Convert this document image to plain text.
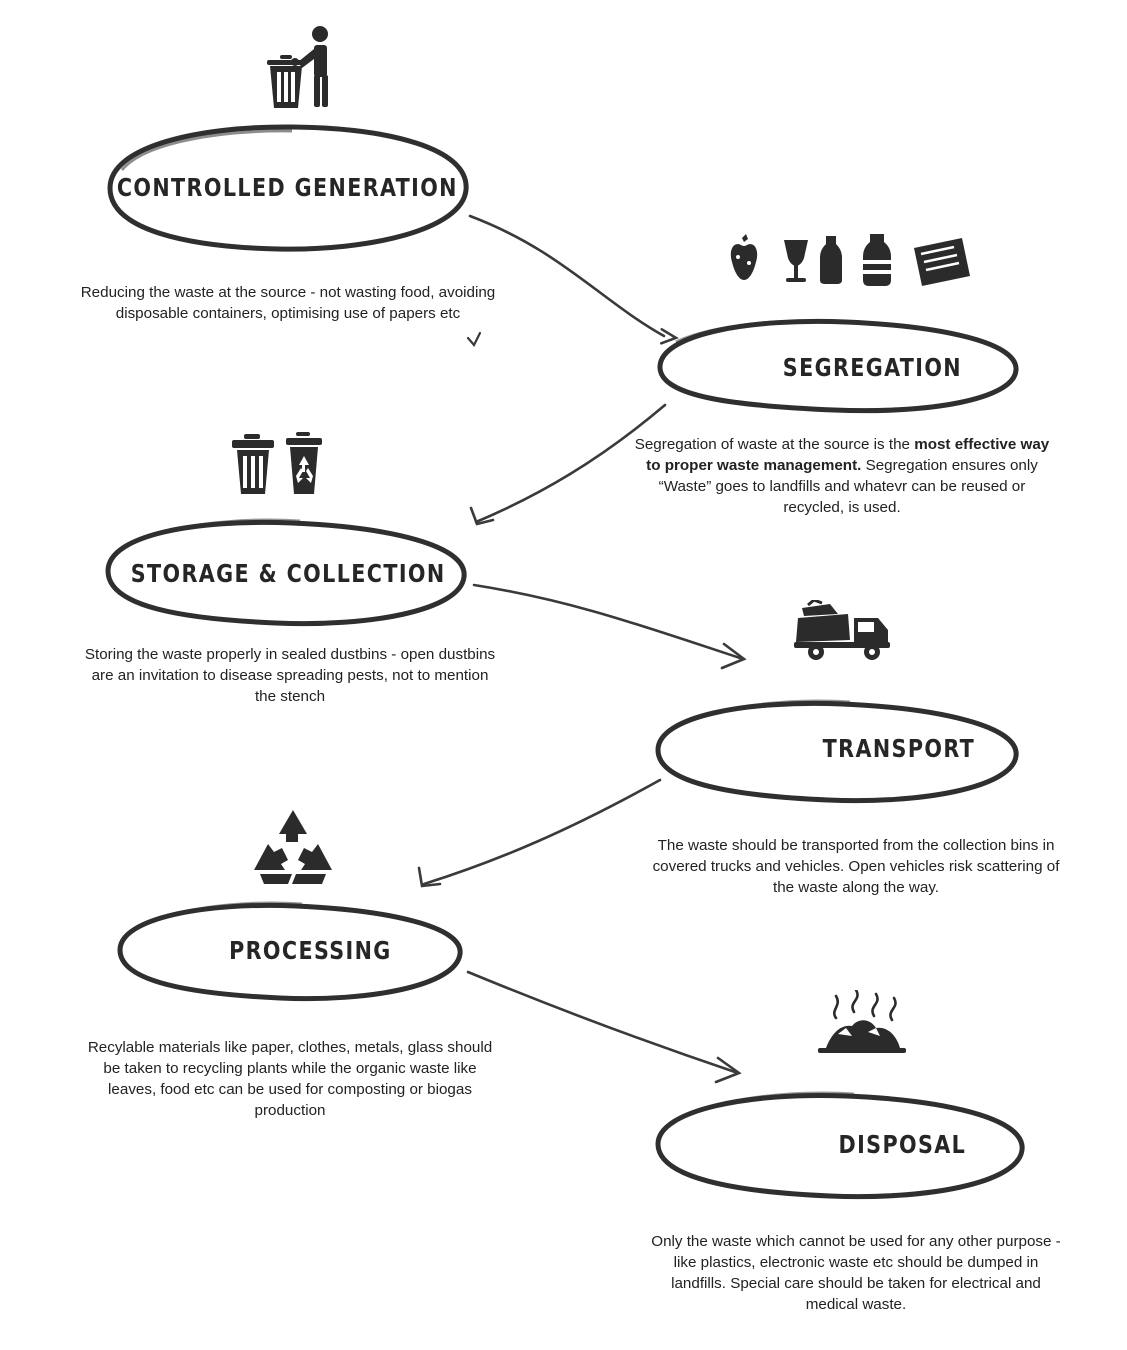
CONTROLLED GENERATION
Reducing the waste at the source - not wasting food, avoiding disposable containers, optimising use of papers etc
SEGREGATION
Segregation of waste at the source is the most effective way to proper waste management. Segregation ensures only “Waste” goes to landfills and whatevr can be reused or recycled, is used.
STORAGE & COLLECTION
Storing the waste properly in sealed dustbins - open dustbins are an invitation to disease spreading pests, not to mention the stench
TRANSPORT
The waste should be transported from the collection bins in covered trucks and vehicles. Open vehicles risk scattering of the waste along the way.
PROCESSING
Recylable materials like paper, clothes, metals, glass should be taken to recycling plants while the organic waste like leaves, food etc can be used for composting or biogas production
DISPOSAL
Only the waste which cannot be used for any other purpose - like plastics, electronic waste etc should be dumped in landfills. Special care should be taken for electrical and medical waste.
